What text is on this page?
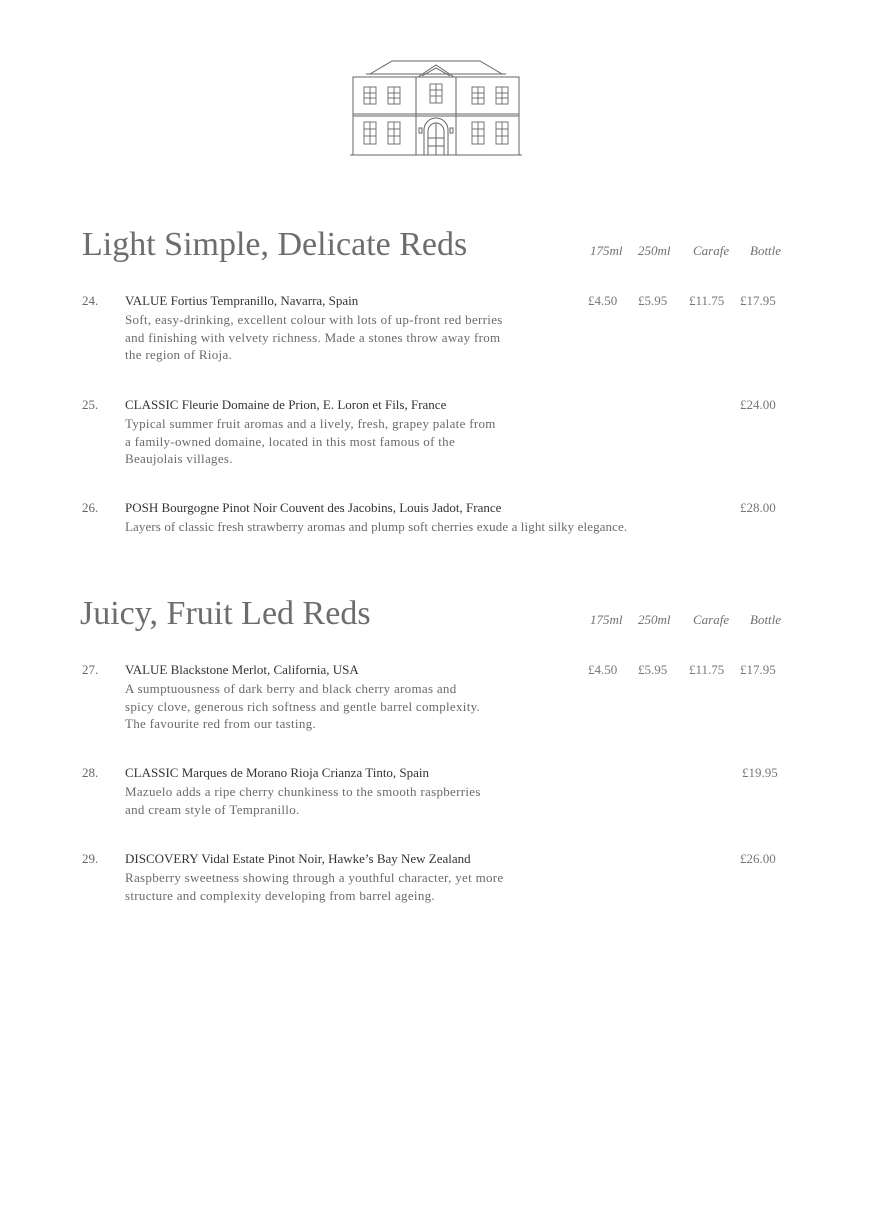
Light Simple, Delicate Reds	175ml 250ml Carafe Bottle
24. VALUE Fortius Tempranillo, Navarra, Spain
Soft, easy-drinking, excellent colour with lots of up-front red berries
and finishing with velvety richness. Made a stones throw away from
the region of Rioja.
£4.50 £5.95 £11.75 £17.95
25. CLASSIC Fleurie Domaine de Prion, E. Loron et Fils, France
Typical summer fruit aromas and a lively, fresh, grapey palate from
a family-owned domaine, located in this most famous of the
Beaujolais villages.
£24.00
26. POSH Bourgogne Pinot Noir Couvent des Jacobins, Louis Jadot, France
Layers of classic fresh strawberry aromas and plump soft cherries exude a light silky elegance.
£28.00
Juicy, Fruit Led Reds	175ml 250ml Carafe Bottle
27. VALUE Blackstone Merlot, California, USA
A sumptuousness of dark berry and black cherry aromas and
spicy clove, generous rich softness and gentle barrel complexity.
The favourite red from our tasting.
£4.50 £5.95 £11.75 £17.95
28. CLASSIC Marques de Morano Rioja Crianza Tinto, Spain
Mazuelo adds a ripe cherry chunkiness to the smooth raspberries
and cream style of Tempranillo.
£19.95
29. DISCOVERY Vidal Estate Pinot Noir, Hawke’s Bay New Zealand
Raspberry sweetness showing through a youthful character, yet more
structure and complexity developing from barrel ageing.
£26.00
